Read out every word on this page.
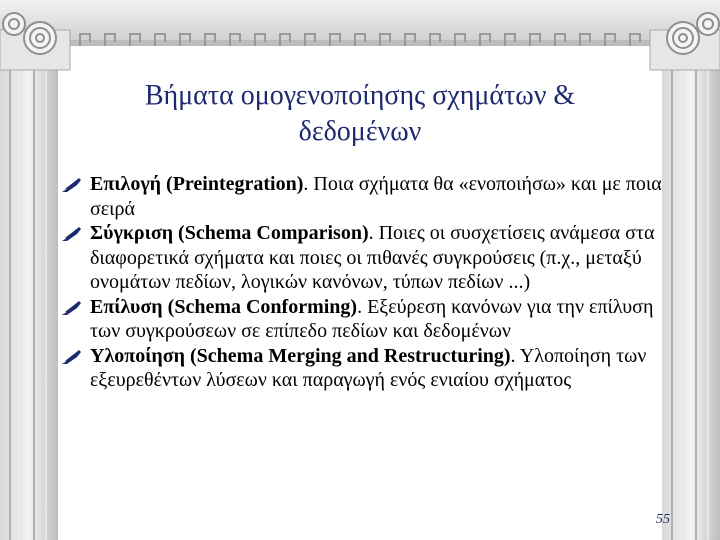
Βήματα ομογενοποίησης σχημάτων &
δεδομένων
Επιλογή (Preintegration). Ποια σχήματα θα «ενοποιήσω» και με ποια σειρά
Σύγκριση (Schema Comparison). Ποιες οι συσχετίσεις ανάμεσα στα διαφορετικά σχήματα και ποιες οι πιθανές συγκρούσεις (π.χ., μεταξύ ονομάτων πεδίων, λογικών κανόνων, τύπων πεδίων ...)
Επίλυση (Schema Conforming). Εξεύρεση κανόνων για την επίλυση των συγκρούσεων σε επίπεδο πεδίων και δεδομένων
Υλοποίηση (Schema Merging and Restructuring). Υλοποίηση των εξευρεθέντων λύσεων και παραγωγή ενός ενιαίου σχήματος
55
